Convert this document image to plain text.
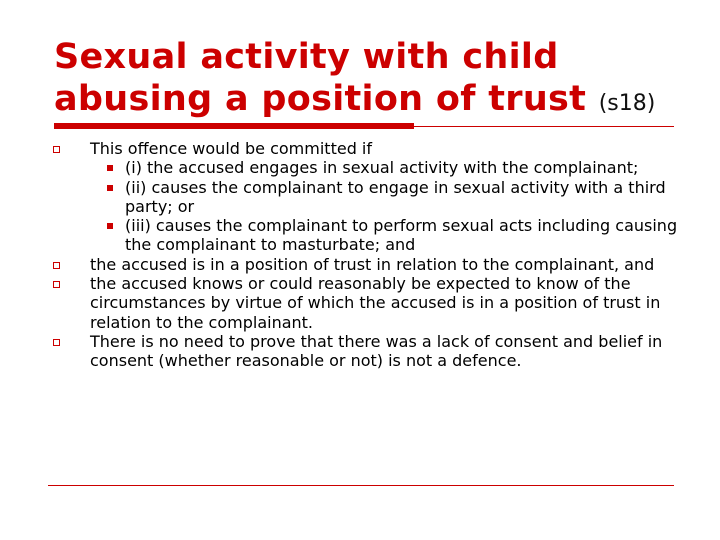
Sexual activity with child abusing a position of trust (s18)

This offence would be committed if

(i) the accused engages in sexual activity with the complainant;

(ii) causes the complainant to engage in sexual activity with a third party; or

(iii) causes the complainant to perform sexual acts including causing the complainant to masturbate; and

the accused is in a position of trust in relation to the complainant, and

the accused knows or could reasonably be expected to know of the circumstances by virtue of which the accused is in a position of trust in relation to the complainant.

There is no need to prove that there was a lack of consent and belief in consent (whether reasonable or not) is not a defence.
